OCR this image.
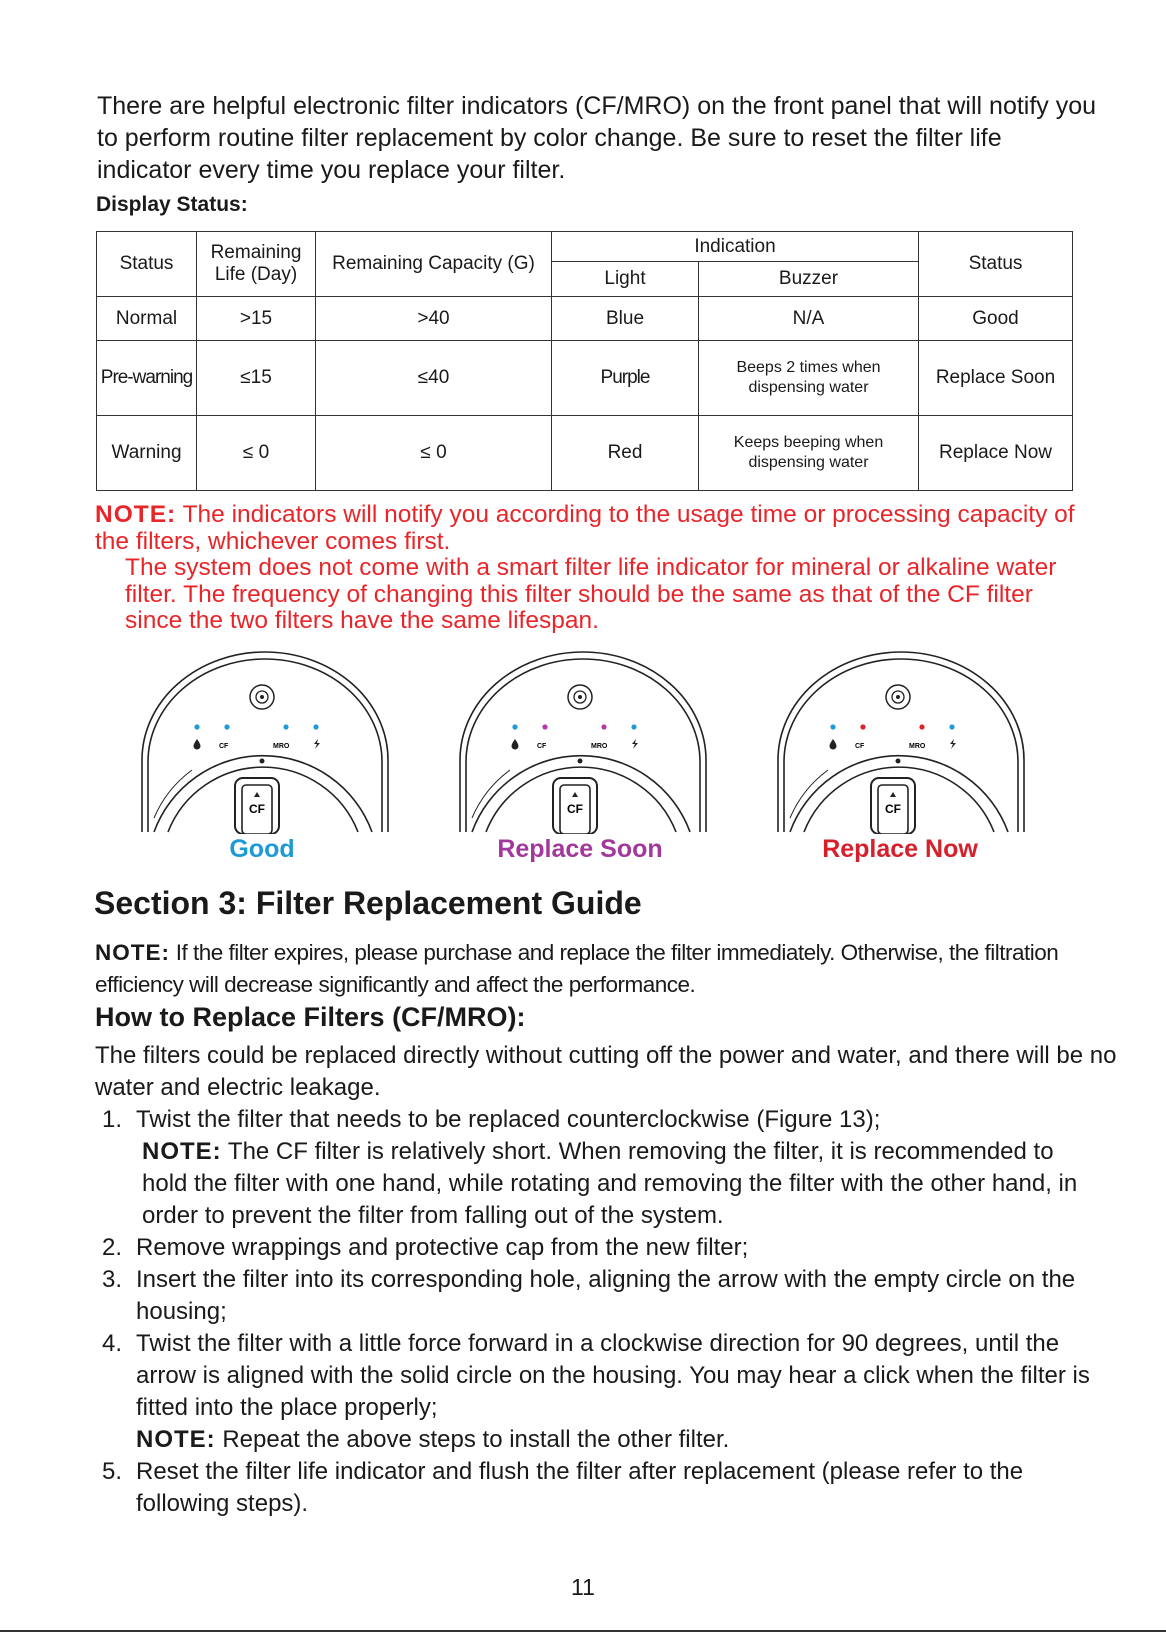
There are helpful electronic filter indicators (CF/MRO) on the front panel that will notify you to perform routine filter replacement by color change. Be sure to reset the filter life indicator every time you replace your filter.

Display Status:
Status	Remaining Life (Day)	Remaining Capacity (G)	Indication		Status
			Light	Buzzer	
Normal	>15	>40	Blue	N/A	Good
Pre-warning	≤15	≤40	Purple	Beeps 2 times when dispensing water	Replace Soon
Warning	≤ 0	≤ 0	Red	Keeps beeping when dispensing water	Replace Now
NOTE: The indicators will notify you according to the usage time or processing capacity of the filters, whichever comes first.
The system does not come with a smart filter life indicator for mineral or alkaline water filter. The frequency of changing this filter should be the same as that of the CF filter since the two filters have the same lifespan.
CF	MRO
CF
CF	MRO
CF
CF	MRO
CF
Good	Replace Soon	Replace Now
Section 3: Filter Replacement Guide

NOTE: If the filter expires, please purchase and replace the filter immediately. Otherwise, the filtration efficiency will decrease significantly and affect the performance.

How to Replace Filters (CF/MRO):

The filters could be replaced directly without cutting off the power and water, and there will be no water and electric leakage.

1. Twist the filter that needs to be replaced counterclockwise (Figure 13);
NOTE: The CF filter is relatively short. When removing the filter, it is recommended to hold the filter with one hand, while rotating and removing the filter with the other hand, in order to prevent the filter from falling out of the system.
2. Remove wrappings and protective cap from the new filter;
3. Insert the filter into its corresponding hole, aligning the arrow with the empty circle on the housing;
4. Twist the filter with a little force forward in a clockwise direction for 90 degrees, until the arrow is aligned with the solid circle on the housing. You may hear a click when the filter is fitted into the place properly;
NOTE: Repeat the above steps to install the other filter.
5. Reset the filter life indicator and flush the filter after replacement (please refer to the following steps).
11
